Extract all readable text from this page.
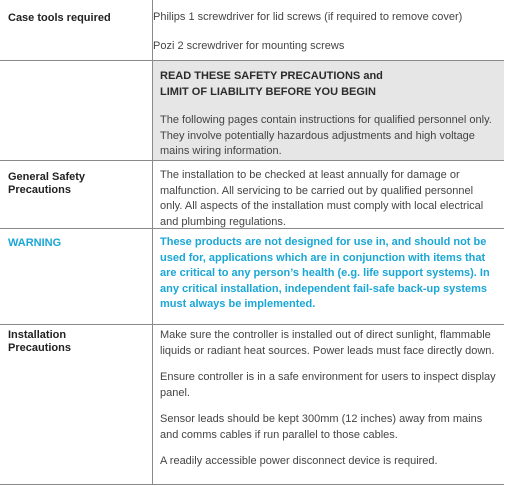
Case tools required	Philips 1 screwdriver for lid screws (if required to remove cover)

Pozi 2 screwdriver for mounting screws

READ THESE SAFETY PRECAUTIONS and

LIMIT OF LIABILITY BEFORE YOU BEGIN

The following pages contain instructions for qualified personnel only. They involve potentially hazardous adjustments and high voltage mains wiring information.

General Safety Precautions
The installation to be checked at least annually for damage or malfunction. All servicing to be carried out by qualified personnel only. All aspects of the installation must comply with local electrical and plumbing regulations.
WARNING	These products are not designed for use in, and should not be used for, applications which are in conjunction with items that are critical to any person’s health (e.g. life support systems). In any critical installation, independent fail-safe back-up systems must always be implemented.
Installation Precautions

Make sure the controller is installed out of direct sunlight, flammable liquids or radiant heat sources. Power leads must face directly down.

Ensure controller is in a safe environment for users to inspect display panel.

Sensor leads should be kept 300mm (12 inches) away from mains and comms cables if run parallel to those cables.

A readily accessible power disconnect device is required.
